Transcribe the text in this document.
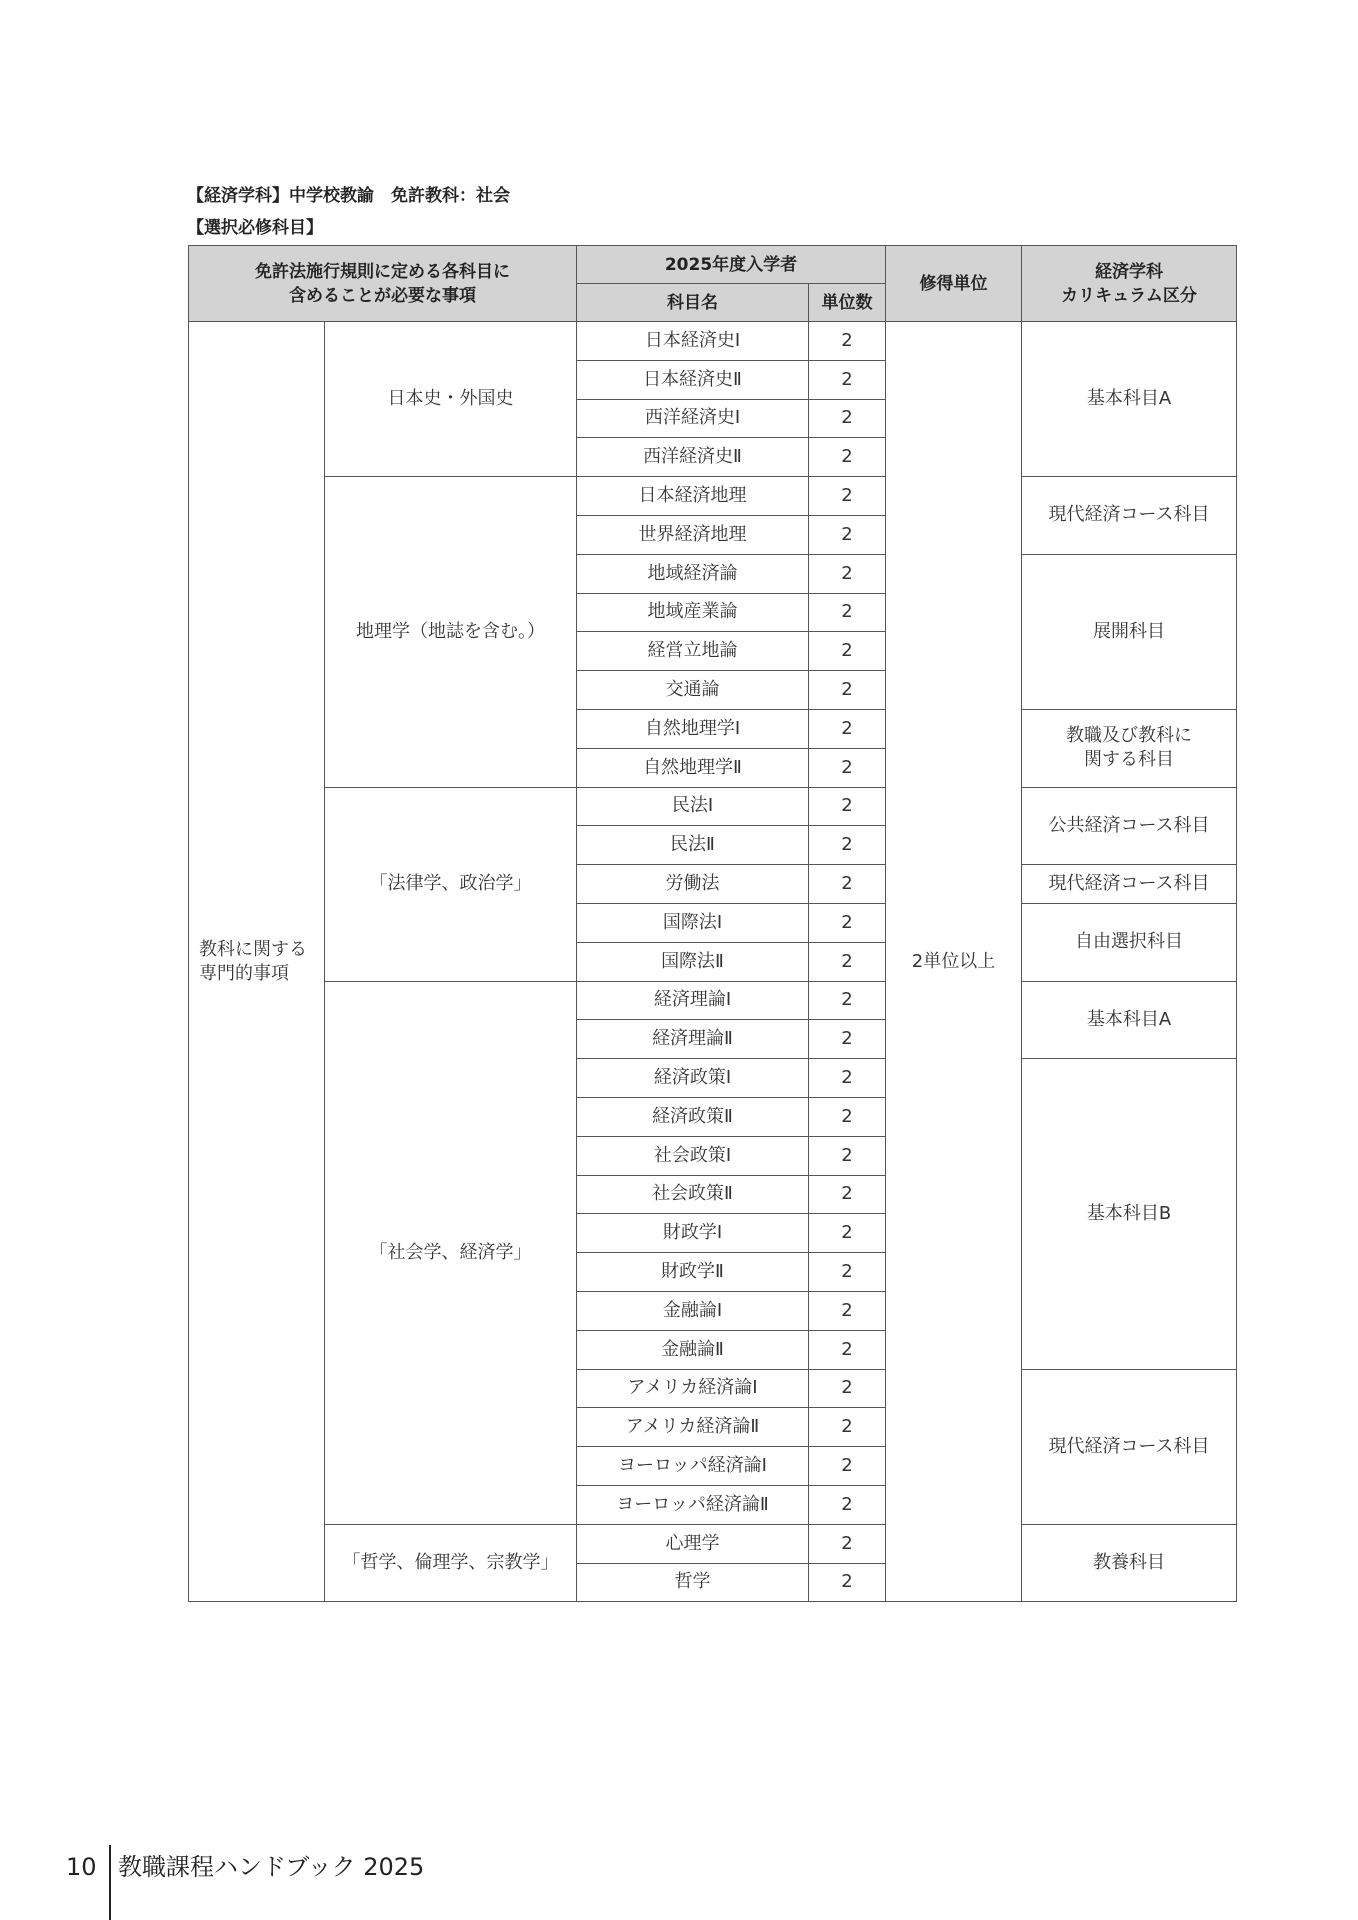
【経済学科】中学校教諭　免許教科：社会
【選択必修科目】
免許法施行規則に定める各科目に
含めることが必要な事項		2025年度入学者		修得単位	経済学科
カリキュラム区分
		科目名	単位数		
教科に関する
専門的事項	日本史・外国史	日本経済史Ⅰ	2	2単位以上	基本科目A
		日本経済史Ⅱ	2		
		西洋経済史Ⅰ	2		
		西洋経済史Ⅱ	2		
	地理学（地誌を含む。）	日本経済地理	2		現代経済コース科目
		世界経済地理	2		
		地域経済論	2		展開科目
		地域産業論	2		
		経営立地論	2		
		交通論	2		
		自然地理学Ⅰ	2		教職及び教科に
関する科目
		自然地理学Ⅱ	2		
	「法律学、政治学」	民法Ⅰ	2		公共経済コース科目
		民法Ⅱ	2		
		労働法	2		現代経済コース科目
		国際法Ⅰ	2		自由選択科目
		国際法Ⅱ	2		
	「社会学、経済学」	経済理論Ⅰ	2		基本科目A
		経済理論Ⅱ	2		
		経済政策Ⅰ	2		基本科目B
		経済政策Ⅱ	2		
		社会政策Ⅰ	2		
		社会政策Ⅱ	2		
		財政学Ⅰ	2		
		財政学Ⅱ	2		
		金融論Ⅰ	2		
		金融論Ⅱ	2		
		アメリカ経済論Ⅰ	2		現代経済コース科目
		アメリカ経済論Ⅱ	2		
		ヨーロッパ経済論Ⅰ	2		
		ヨーロッパ経済論Ⅱ	2		
	「哲学、倫理学、宗教学」	心理学	2		教養科目
		哲学	2		
10 教職課程ハンドブック 2025
